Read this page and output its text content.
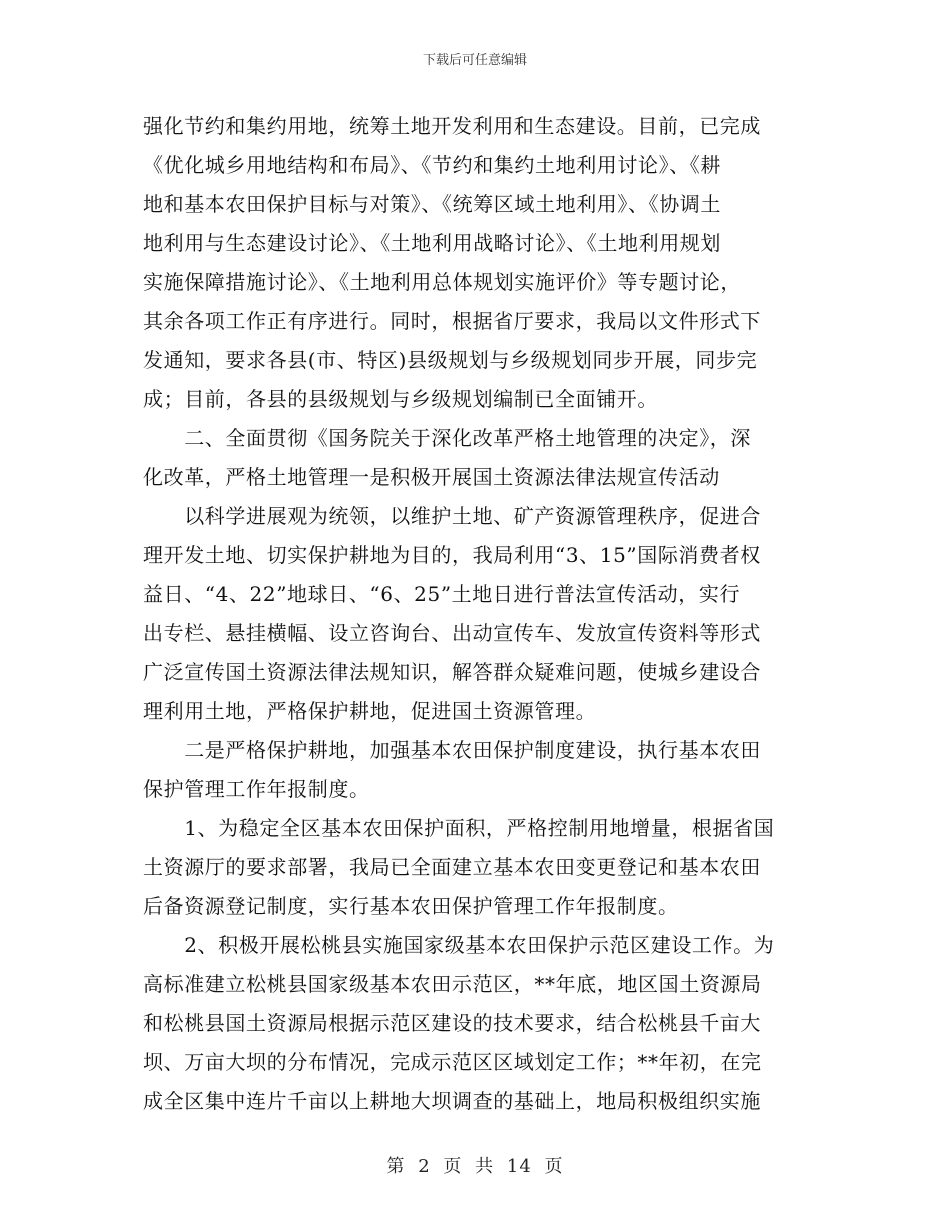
下载后可任意编辑
强化节约和集约用地，统筹土地开发利用和生态建设。目前，已完成
《优化城乡用地结构和布局》、《节约和集约土地利用讨论》、《耕
地和基本农田保护目标与对策》、《统筹区域土地利用》、《协调土
地利用与生态建设讨论》、《土地利用战略讨论》、《土地利用规划
实施保障措施讨论》、《土地利用总体规划实施评价》等专题讨论，
其余各项工作正有序进行。同时，根据省厅要求，我局以文件形式下
发通知，要求各县(市、特区)县级规划与乡级规划同步开展，同步完
成；目前，各县的县级规划与乡级规划编制已全面铺开。
　　二、全面贯彻《国务院关于深化改革严格土地管理的决定》，深
化改革，严格土地管理一是积极开展国土资源法律法规宣传活动
　　以科学进展观为统领，以维护土地、矿产资源管理秩序，促进合
理开发土地、切实保护耕地为目的，我局利用“3、15”国际消费者权
益日、“4、22”地球日、“6、25”土地日进行普法宣传活动，实行
出专栏、悬挂横幅、设立咨询台、出动宣传车、发放宣传资料等形式
广泛宣传国土资源法律法规知识，解答群众疑难问题，使城乡建设合
理利用土地，严格保护耕地，促进国土资源管理。
　　二是严格保护耕地，加强基本农田保护制度建设，执行基本农田
保护管理工作年报制度。
　　1、为稳定全区基本农田保护面积，严格控制用地增量，根据省国
土资源厅的要求部署，我局已全面建立基本农田变更登记和基本农田
后备资源登记制度，实行基本农田保护管理工作年报制度。
　　2、积极开展松桃县实施国家级基本农田保护示范区建设工作。为
高标准建立松桃县国家级基本农田示范区，**年底，地区国土资源局
和松桃县国土资源局根据示范区建设的技术要求，结合松桃县千亩大
坝、万亩大坝的分布情况，完成示范区区域划定工作；**年初，在完
成全区集中连片千亩以上耕地大坝调查的基础上，地局积极组织实施
第 2 页 共 14 页
